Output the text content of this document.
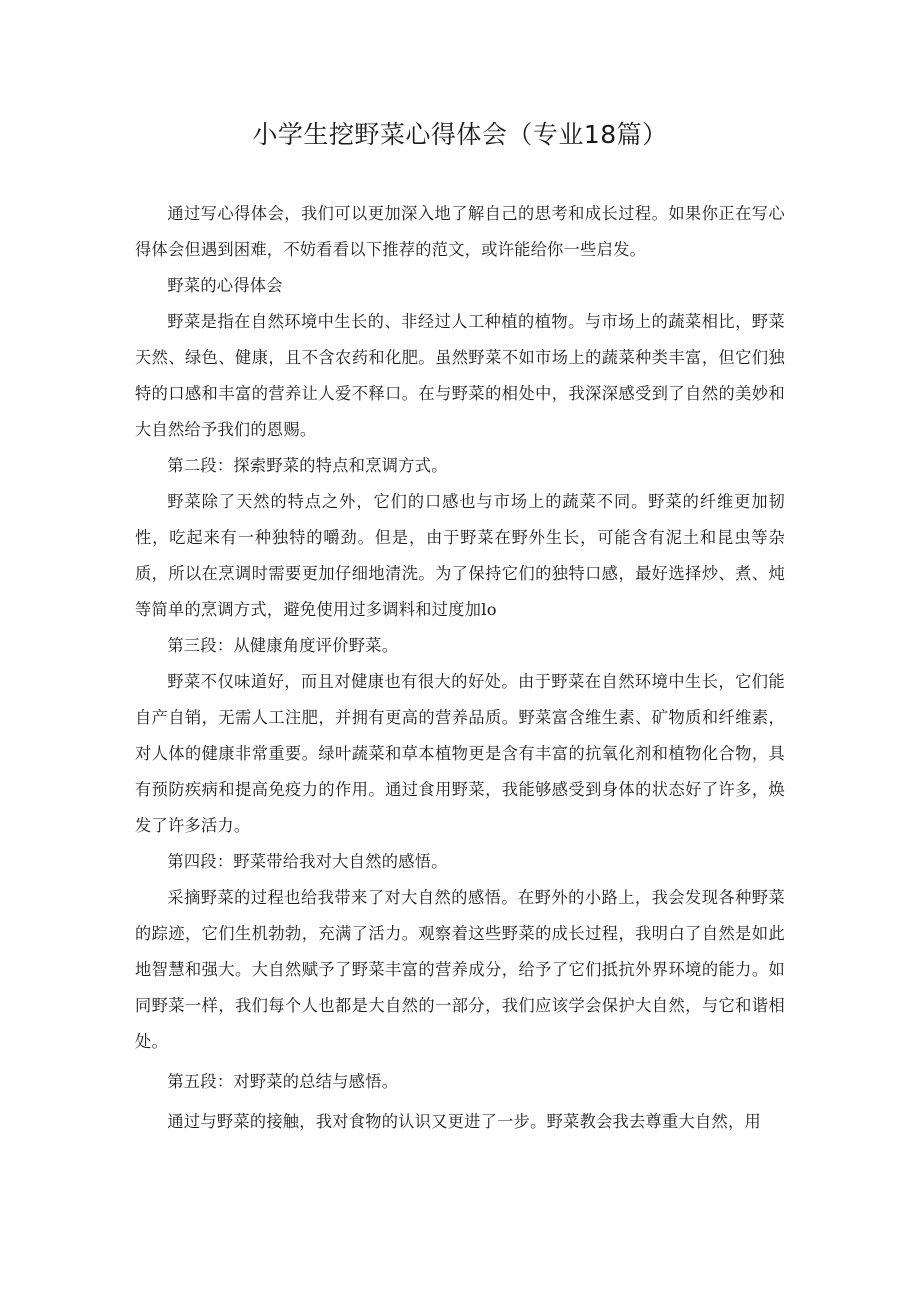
小学生挖野菜心得体会（专业18篇）

通过写心得体会，我们可以更加深入地了解自己的思考和成长过程。如果你正在写心得体会但遇到困难，不妨看看以下推荐的范文，或许能给你一些启发。

野菜的心得体会

野菜是指在自然环境中生长的、非经过人工种植的植物。与市场上的蔬菜相比，野菜天然、绿色、健康，且不含农药和化肥。虽然野菜不如市场上的蔬菜种类丰富，但它们独特的口感和丰富的营养让人爱不释口。在与野菜的相处中，我深深感受到了自然的美妙和大自然给予我们的恩赐。

第二段：探索野菜的特点和烹调方式。

野菜除了天然的特点之外，它们的口感也与市场上的蔬菜不同。野菜的纤维更加韧性，吃起来有一种独特的嚼劲。但是，由于野菜在野外生长，可能含有泥土和昆虫等杂质，所以在烹调时需要更加仔细地清洗。为了保持它们的独特口感，最好选择炒、煮、炖等简单的烹调方式，避免使用过多调料和过度加lo

第三段：从健康角度评价野菜。

野菜不仅味道好，而且对健康也有很大的好处。由于野菜在自然环境中生长，它们能自产自销，无需人工注肥，并拥有更高的营养品质。野菜富含维生素、矿物质和纤维素，对人体的健康非常重要。绿叶蔬菜和草本植物更是含有丰富的抗氧化剂和植物化合物，具有预防疾病和提高免疫力的作用。通过食用野菜，我能够感受到身体的状态好了许多，焕发了许多活力。

第四段：野菜带给我对大自然的感悟。

采摘野菜的过程也给我带来了对大自然的感悟。在野外的小路上，我会发现各种野菜的踪迹，它们生机勃勃，充满了活力。观察着这些野菜的成长过程，我明白了自然是如此地智慧和强大。大自然赋予了野菜丰富的营养成分，给予了它们抵抗外界环境的能力。如同野菜一样，我们每个人也都是大自然的一部分，我们应该学会保护大自然，与它和谐相处。

第五段：对野菜的总结与感悟。

通过与野菜的接触，我对食物的认识又更进了一步。野菜教会我去尊重大自然，用
